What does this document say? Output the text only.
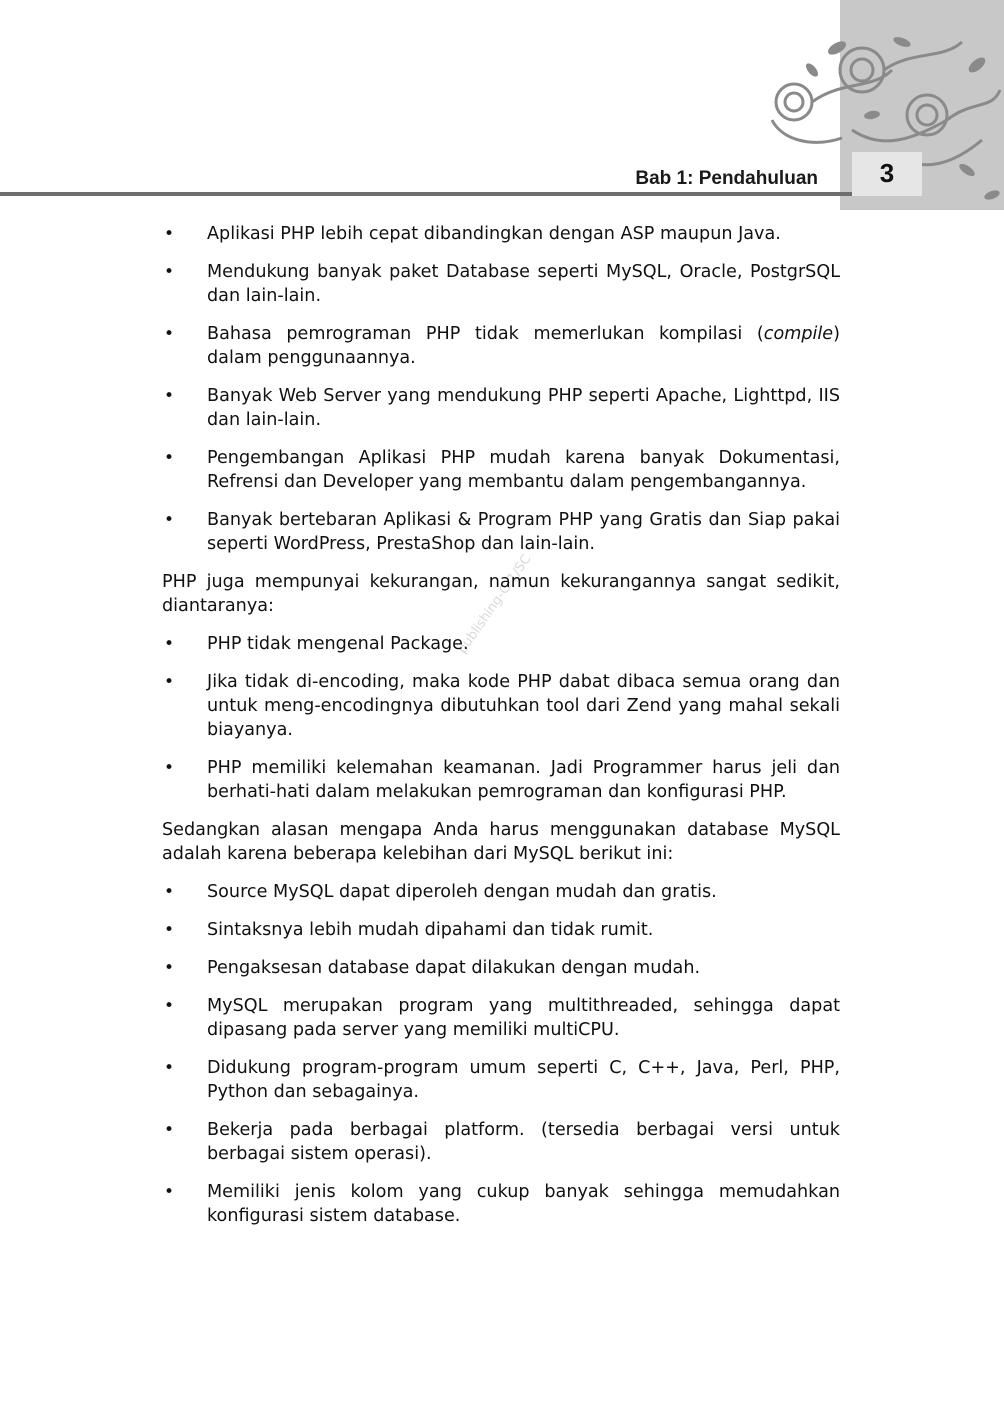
Bab 1: Pendahuluan	3
publishing-G-1/SC
• Aplikasi PHP lebih cepat dibandingkan dengan ASP maupun Java.
• Mendukung banyak paket Database seperti MySQL, Oracle, PostgrSQL dan lain-lain.
• Bahasa pemrograman PHP tidak memerlukan kompilasi (compile) dalam penggunaannya.
• Banyak Web Server yang mendukung PHP seperti Apache, Lighttpd, IIS dan lain-lain.
• Pengembangan Aplikasi PHP mudah karena banyak Dokumentasi, Refrensi dan Developer yang membantu dalam pengembangannya.
• Banyak bertebaran Aplikasi & Program PHP yang Gratis dan Siap pakai seperti WordPress, PrestaShop dan lain-lain.

PHP juga mempunyai kekurangan, namun kekurangannya sangat sedikit, diantaranya:

• PHP tidak mengenal Package.
• Jika tidak di-encoding, maka kode PHP dabat dibaca semua orang dan untuk meng-encodingnya dibutuhkan tool dari Zend yang mahal sekali biayanya.
• PHP memiliki kelemahan keamanan. Jadi Programmer harus jeli dan berhati-hati dalam melakukan pemrograman dan konfigurasi PHP.

Sedangkan alasan mengapa Anda harus menggunakan database MySQL adalah karena beberapa kelebihan dari MySQL berikut ini:

• Source MySQL dapat diperoleh dengan mudah dan gratis.
• Sintaksnya lebih mudah dipahami dan tidak rumit.
• Pengaksesan database dapat dilakukan dengan mudah.
• MySQL merupakan program yang multithreaded, sehingga dapat dipasang pada server yang memiliki multiCPU.
• Didukung program-program umum seperti C, C++, Java, Perl, PHP, Python dan sebagainya.
• Bekerja pada berbagai platform. (tersedia berbagai versi untuk berbagai sistem operasi).
• Memiliki jenis kolom yang cukup banyak sehingga memudahkan konfigurasi sistem database.
